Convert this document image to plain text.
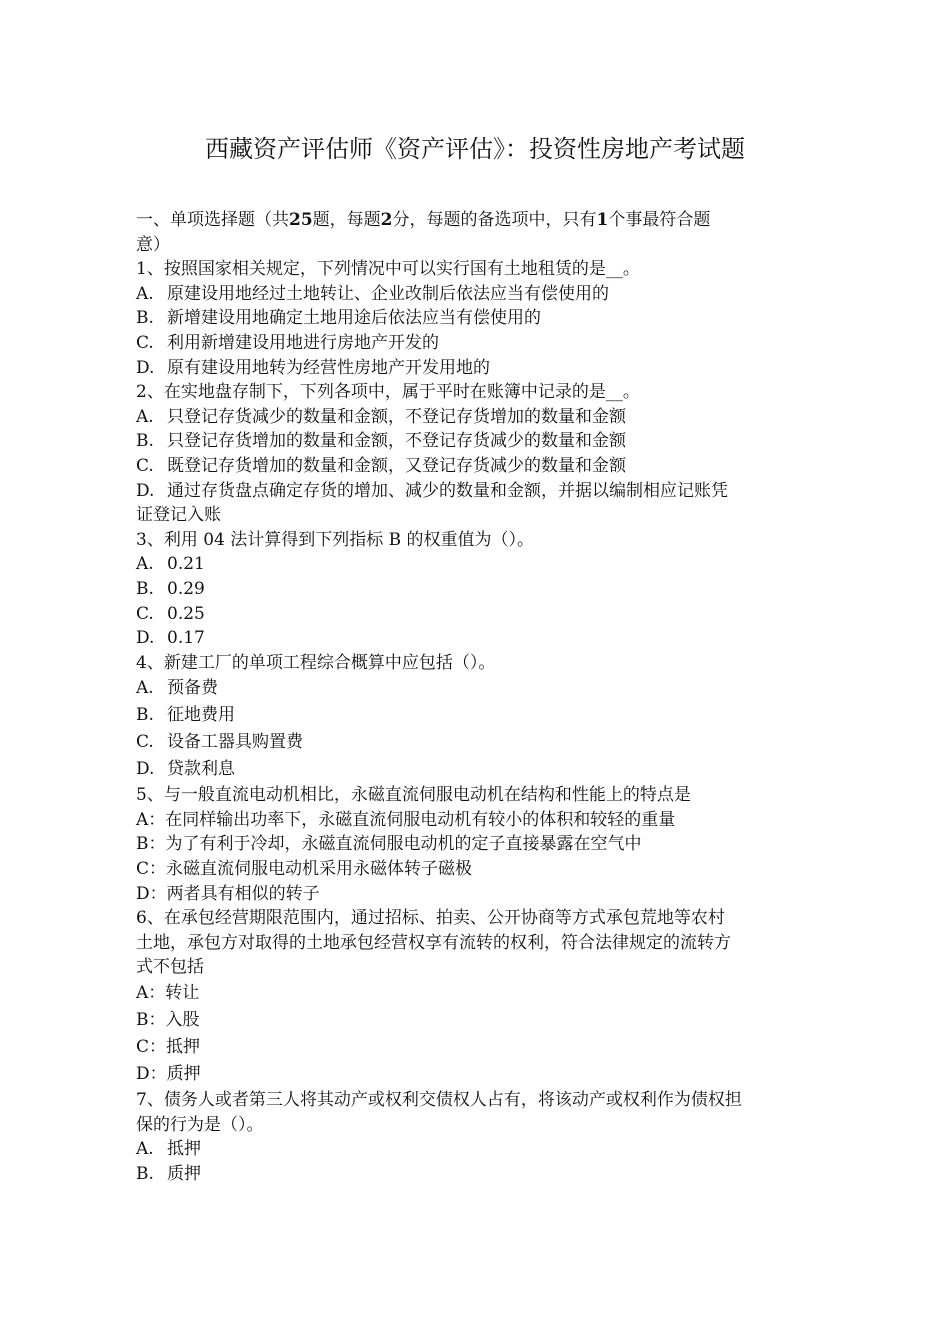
西藏资产评估师《资产评估》：投资性房地产考试题
一、单项选择题（共25题，每题2分，每题的备选项中，只有1个事最符合题
意）
1、按照国家相关规定，下列情况中可以实行国有土地租赁的是__。
A. 原建设用地经过土地转让、企业改制后依法应当有偿使用的
B. 新增建设用地确定土地用途后依法应当有偿使用的
C. 利用新增建设用地进行房地产开发的
D. 原有建设用地转为经营性房地产开发用地的
2、在实地盘存制下，下列各项中，属于平时在账簿中记录的是__。
A. 只登记存货减少的数量和金额，不登记存货增加的数量和金额
B. 只登记存货增加的数量和金额，不登记存货减少的数量和金额
C. 既登记存货增加的数量和金额，又登记存货减少的数量和金额
D. 通过存货盘点确定存货的增加、减少的数量和金额，并据以编制相应记账凭
证登记入账
3、利用 04 法计算得到下列指标 B 的权重值为（）。
A. 0.21
B. 0.29
C. 0.25
D. 0.17
4、新建工厂的单项工程综合概算中应包括（）。
A. 预备费
B. 征地费用
C. 设备工器具购置费
D. 贷款利息
5、与一般直流电动机相比，永磁直流伺服电动机在结构和性能上的特点是
A：在同样输出功率下，永磁直流伺服电动机有较小的体积和较轻的重量
B：为了有利于冷却，永磁直流伺服电动机的定子直接暴露在空气中
C：永磁直流伺服电动机采用永磁体转子磁极
D：两者具有相似的转子
6、在承包经营期限范围内，通过招标、拍卖、公开协商等方式承包荒地等农村
土地，承包方对取得的土地承包经营权享有流转的权利，符合法律规定的流转方
式不包括
A：转让
B：入股
C：抵押
D：质押
7、债务人或者第三人将其动产或权利交债权人占有，将该动产或权利作为债权担
保的行为是（）。
A. 抵押
B. 质押
